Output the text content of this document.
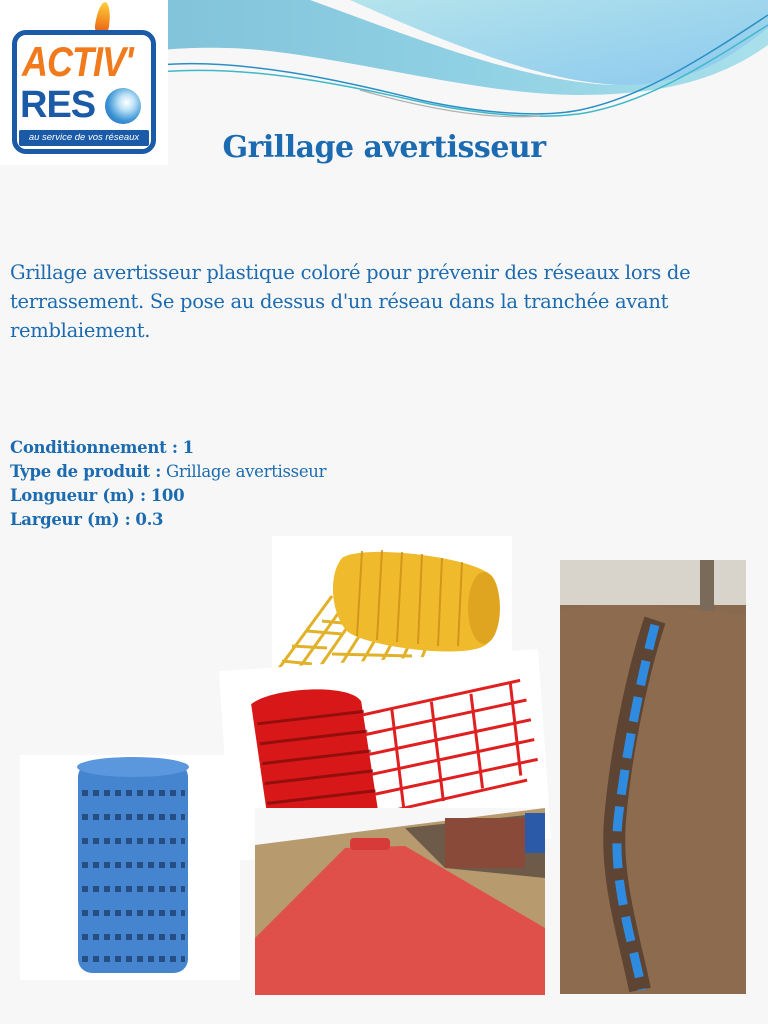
ACTIV'
RES
au service de vos réseaux	Grillage avertisseur
Grillage avertisseur plastique coloré pour prévenir des réseaux lors de terrassement. Se pose au dessus d'un réseau dans la tranchée avant remblaiement.
Conditionnement : 1
Type de produit : Grillage avertisseur
Longueur (m) : 100
Largeur (m) : 0.3
